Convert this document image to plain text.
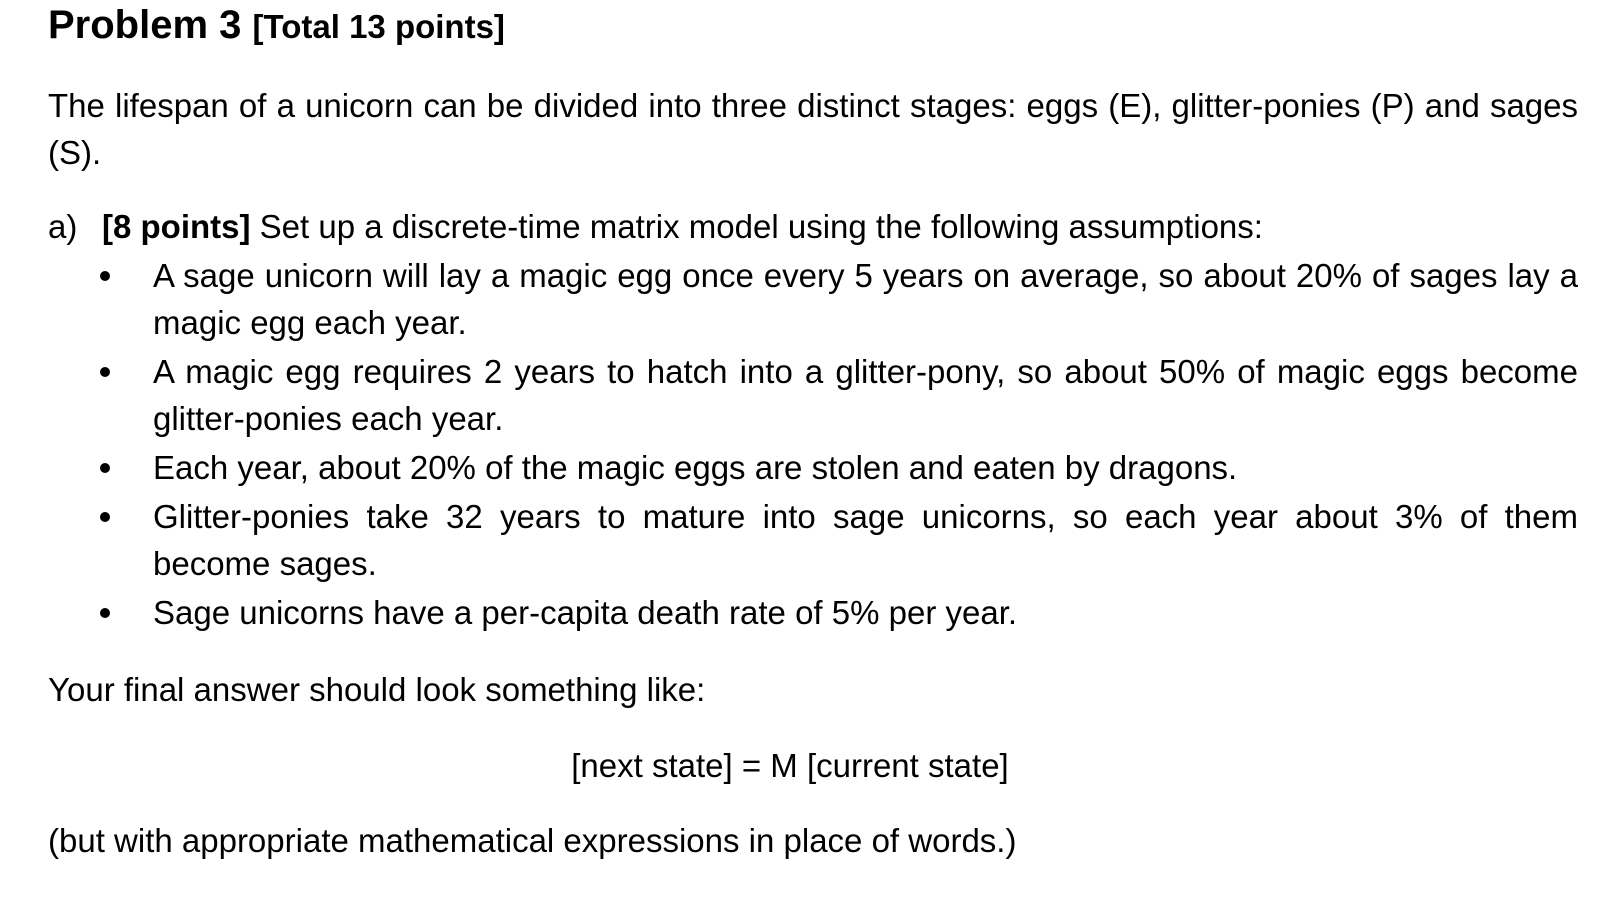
Problem 3 [Total 13 points]

The lifespan of a unicorn can be divided into three distinct stages: eggs (E), glitter-ponies (P) and sages (S).

a) [8 points] Set up a discrete-time matrix model using the following assumptions:

A sage unicorn will lay a magic egg once every 5 years on average, so about 20% of sages lay a magic egg each year.
A magic egg requires 2 years to hatch into a glitter-pony, so about 50% of magic eggs become glitter-ponies each year.
Each year, about 20% of the magic eggs are stolen and eaten by dragons.
Glitter-ponies take 32 years to mature into sage unicorns, so each year about 3% of them become sages.
Sage unicorns have a per-capita death rate of 5% per year.

Your final answer should look something like:

[next state] = M [current state]

(but with appropriate mathematical expressions in place of words.)
